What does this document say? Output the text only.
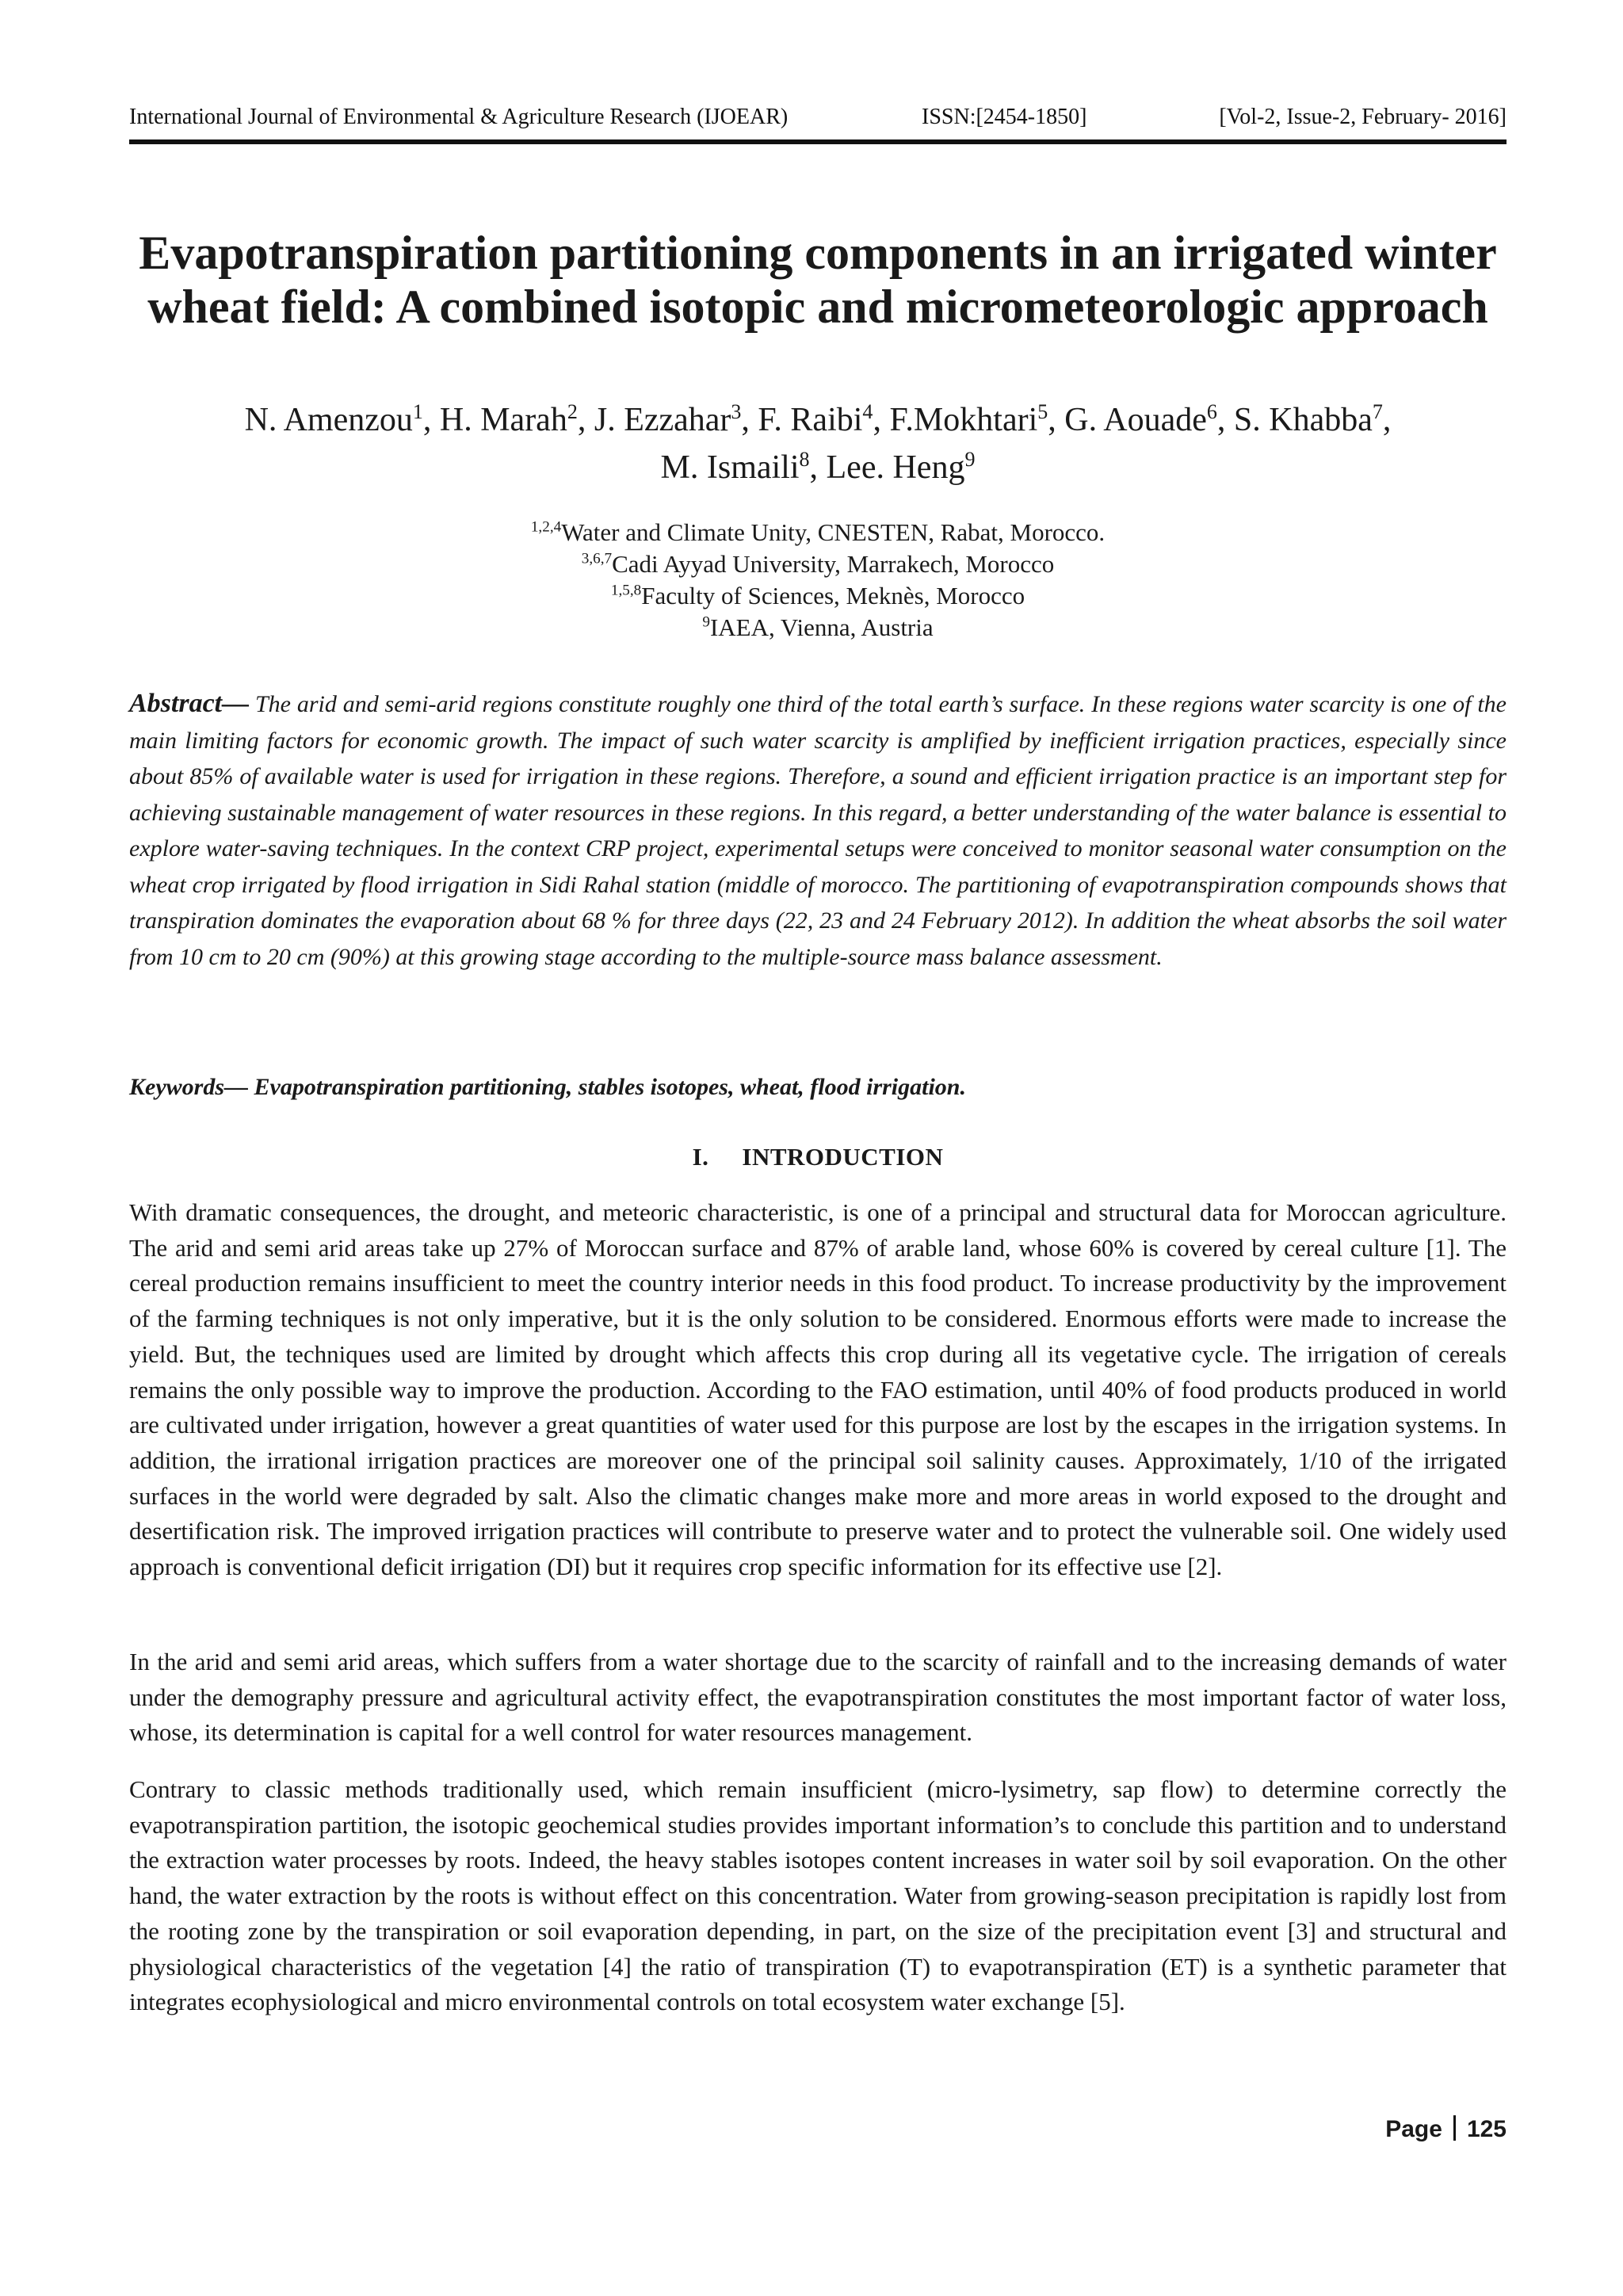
International Journal of Environmental & Agriculture Research (IJOEAR)	ISSN:[2454-1850]	[Vol-2, Issue-2, February- 2016]
Evapotranspiration partitioning components in an irrigated winter wheat field: A combined isotopic and micrometeorologic approach
N. Amenzou$^1$, H. Marah$^2$, J. Ezzahar$^3$, F. Raibi$^4$, F.Mokhtari$^5$, G. Aouade$^6$, S. Khabba$^7$,
M. Ismaili$^8$, Lee. Heng$^9$
$^{1,2,4}$Water and Climate Unity, CNESTEN, Rabat, Morocco.
$^{3,6,7}$Cadi Ayyad University, Marrakech, Morocco
$^{1,5,8}$Faculty of Sciences, Meknès, Morocco
$^9$IAEA, Vienna, Austria

Abstract— The arid and semi-arid regions constitute roughly one third of the total earth’s surface. In these regions water scarcity is one of the main limiting factors for economic growth. The impact of such water scarcity is amplified by inefficient irrigation practices, especially since about 85% of available water is used for irrigation in these regions. Therefore, a sound and efficient irrigation practice is an important step for achieving sustainable management of water resources in these regions. In this regard, a better understanding of the water balance is essential to explore water-saving techniques. In the context CRP project, experimental setups were conceived to monitor seasonal water consumption on the wheat crop irrigated by flood irrigation in Sidi Rahal station (middle of morocco. The partitioning of evapotranspiration compounds shows that transpiration dominates the evaporation about 68 % for three days (22, 23 and 24 February 2012). In addition the wheat absorbs the soil water from 10 cm to 20 cm (90%) at this growing stage according to the multiple-source mass balance assessment.

Keywords— Evapotranspiration partitioning, stables isotopes, wheat, flood irrigation.

I. INTRODUCTION

With dramatic consequences, the drought, and meteoric characteristic, is one of a principal and structural data for Moroccan agriculture. The arid and semi arid areas take up 27% of Moroccan surface and 87% of arable land, whose 60% is covered by cereal culture [1]. The cereal production remains insufficient to meet the country interior needs in this food product. To increase productivity by the improvement of the farming techniques is not only imperative, but it is the only solution to be considered. Enormous efforts were made to increase the yield. But, the techniques used are limited by drought which affects this crop during all its vegetative cycle. The irrigation of cereals remains the only possible way to improve the production. According to the FAO estimation, until 40% of food products produced in world are cultivated under irrigation, however a great quantities of water used for this purpose are lost by the escapes in the irrigation systems. In addition, the irrational irrigation practices are moreover one of the principal soil salinity causes. Approximately, 1/10 of the irrigated surfaces in the world were degraded by salt. Also the climatic changes make more and more areas in world exposed to the drought and desertification risk. The improved irrigation practices will contribute to preserve water and to protect the vulnerable soil. One widely used approach is conventional deficit irrigation (DI) but it requires crop specific information for its effective use [2].

In the arid and semi arid areas, which suffers from a water shortage due to the scarcity of rainfall and to the increasing demands of water under the demography pressure and agricultural activity effect, the evapotranspiration constitutes the most important factor of water loss, whose, its determination is capital for a well control for water resources management.

Contrary to classic methods traditionally used, which remain insufficient (micro-lysimetry, sap flow) to determine correctly the evapotranspiration partition, the isotopic geochemical studies provides important information’s to conclude this partition and to understand the extraction water processes by roots. Indeed, the heavy stables isotopes content increases in water soil by soil evaporation. On the other hand, the water extraction by the roots is without effect on this concentration. Water from growing-season precipitation is rapidly lost from the rooting zone by the transpiration or soil evaporation depending, in part, on the size of the precipitation event [3] and structural and physiological characteristics of the vegetation [4] the ratio of transpiration (T) to evapotranspiration (ET) is a synthetic parameter that integrates ecophysiological and micro environmental controls on total ecosystem water exchange [5].

Page 125
